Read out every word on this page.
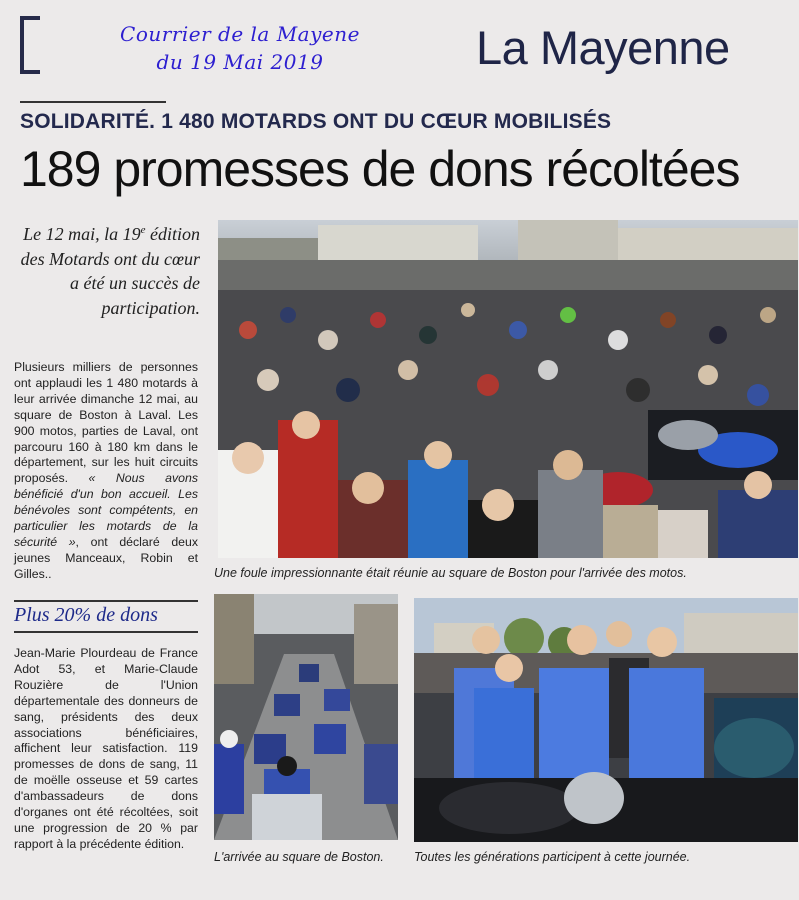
Courrier de la Mayene
du 19 Mai 2019	La Mayenne
SOLIDARITÉ. 1 480 MOTARDS ONT DU CŒUR MOBILISÉS
189 promesses de dons récoltées
Le 12 mai, la 19e édition des Motards ont du cœur a été un succès de participation.
Plusieurs milliers de personnes ont applaudi les 1 480 motards à leur arrivée dimanche 12 mai, au square de Boston à Laval. Les 900 motos, parties de Laval, ont parcouru 160 à 180 km dans le département, sur les huit circuits proposés. « Nous avons bénéficié d'un bon accueil. Les bénévoles sont compétents, en particulier les motards de la sécurité », ont déclaré deux jeunes Manceaux, Robin et Gilles..
Plus 20% de dons
Jean-Marie Plourdeau de France Adot 53, et Marie-Claude Rouzière de l'Union départementale des donneurs de sang, présidents des deux associations bénéficiaires, affichent leur satisfaction. 119 promesses de dons de sang, 11 de moëlle osseuse et 59 cartes d'ambassadeurs de dons d'organes ont été récoltées, soit une progression de 20 % par rapport à la précédente édition.
Une foule impressionnante était réunie au square de Boston pour l'arrivée des motos.
L'arrivée au square de Boston. Toutes les générations participent à cette journée.
